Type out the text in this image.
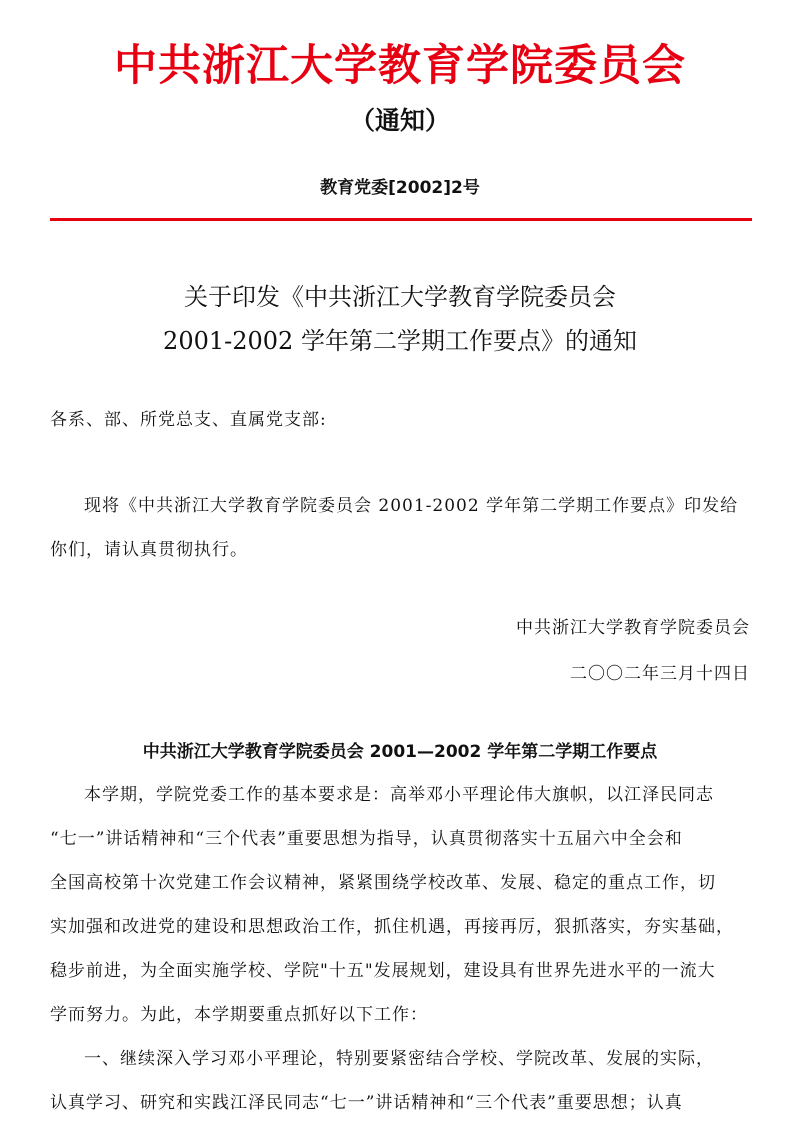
中共浙江大学教育学院委员会
（通知）
教育党委[2002]2号
关于印发《中共浙江大学教育学院委员会
2001-2002 学年第二学期工作要点》的通知
各系、部、所党总支、直属党支部:
现将《中共浙江大学教育学院委员会 2001-2002 学年第二学期工作要点》印发给
你们，请认真贯彻执行。
中共浙江大学教育学院委员会
二〇〇二年三月十四日
中共浙江大学教育学院委员会 2001—2002 学年第二学期工作要点
本学期，学院党委工作的基本要求是：高举邓小平理论伟大旗帜，以江泽民同志
“七一”讲话精神和“三个代表”重要思想为指导，认真贯彻落实十五届六中全会和
全国高校第十次党建工作会议精神，紧紧围绕学校改革、发展、稳定的重点工作，切
实加强和改进党的建设和思想政治工作，抓住机遇，再接再厉，狠抓落实，夯实基础，
稳步前进，为全面实施学校、学院"十五"发展规划，建设具有世界先进水平的一流大
学而努力。为此，本学期要重点抓好以下工作：
一、继续深入学习邓小平理论，特别要紧密结合学校、学院改革、发展的实际，
认真学习、研究和实践江泽民同志“七一”讲话精神和“三个代表”重要思想；认真
